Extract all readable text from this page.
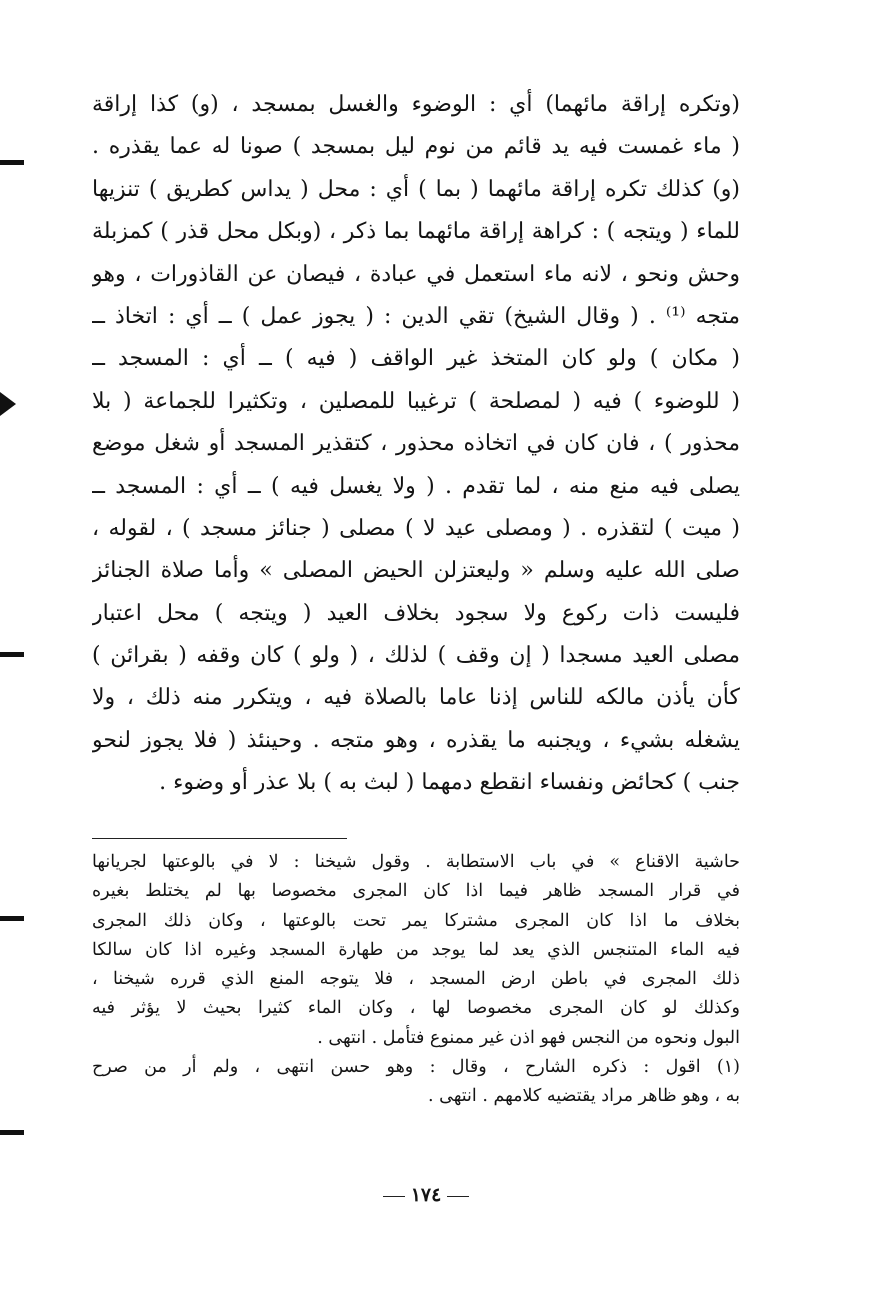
(وتكره إراقة مائهما) أي : الوضوء والغسل بمسجد ، (و) كذا إراقة
( ماء غمست فيه يد قائم من نوم ليل بمسجد ) صونا له عما يقذره .
(و) كذلك تكره إراقة مائهما ( بما ) أي : محل ( يداس كطريق ) تنزيها
للماء ( ويتجه ) : كراهة إراقة مائهما بما ذكر ، (وبكل محل قذر ) كمزبلة
وحش ونحو ، لانه ماء استعمل في عبادة ، فيصان عن القاذورات ، وهو
متجه ⁽¹⁾ . ( وقال الشيخ) تقي الدين : ( يجوز عمل ) ــ أي : اتخاذ ــ
( مكان ) ولو كان المتخذ غير الواقف ( فيه ) ــ أي : المسجد ــ
( للوضوء ) فيه ( لمصلحة ) ترغيبا للمصلين ، وتكثيرا للجماعة ( بلا
محذور ) ، فان كان في اتخاذه محذور ، كتقذير المسجد أو شغل موضع
يصلى فيه منع منه ، لما تقدم . ( ولا يغسل فيه ) ــ أي : المسجد ــ
( ميت ) لتقذره . ( ومصلى عيد لا ) مصلى ( جنائز مسجد ) ، لقوله ،
صلى الله عليه وسلم « وليعتزلن الحيض المصلى » وأما صلاة الجنائز
فليست ذات ركوع ولا سجود بخلاف العيد ( ويتجه ) محل اعتبار
مصلى العيد مسجدا ( إن وقف ) لذلك ، ( ولو ) كان وقفه ( بقرائن )
كأن يأذن مالكه للناس إذنا عاما بالصلاة فيه ، ويتكرر منه ذلك ، ولا
يشغله بشيء ، ويجنبه ما يقذره ، وهو متجه . وحينئذ ( فلا يجوز لنحو
جنب ) كحائض ونفساء انقطع دمهما ( لبث به ) بلا عذر أو وضوء .
حاشية الاقناع » في باب الاستطابة . وقول شيخنا : لا في بالوعتها لجريانها
في قرار المسجد ظاهر فيما اذا كان المجرى مخصوصا بها لم يختلط بغيره
بخلاف ما اذا كان المجرى مشتركا يمر تحت بالوعتها ، وكان ذلك المجرى
فيه الماء المتنجس الذي يعد لما يوجد من طهارة المسجد وغيره اذا كان سالكا
ذلك المجرى في باطن ارض المسجد ، فلا يتوجه المنع الذي قرره شيخنا ،
وكذلك لو كان المجرى مخصوصا لها ، وكان الماء كثيرا بحيث لا يؤثر فيه
البول ونحوه من النجس فهو اذن غير ممنوع فتأمل . انتهى .
(١) اقول : ذكره الشارح ، وقال : وهو حسن انتهى ، ولم أر من صرح
به ، وهو ظاهر مراد يقتضيه كلامهم . انتهى .
١٧٤
